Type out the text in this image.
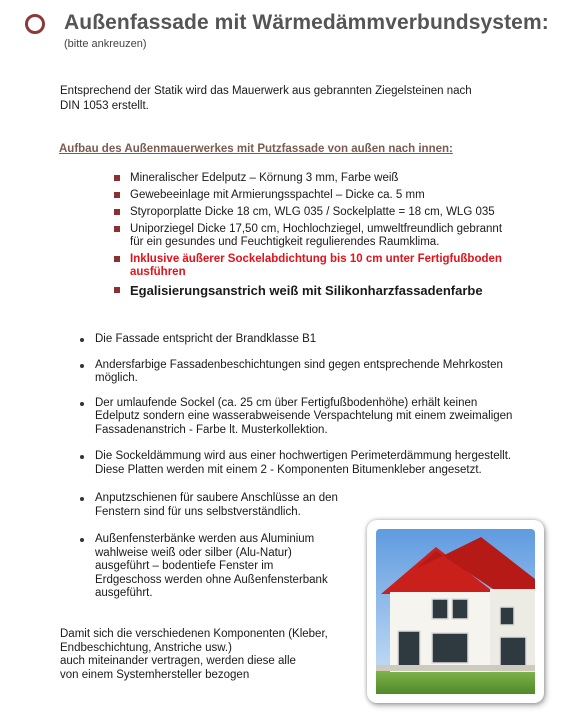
Außenfassade mit Wärmedämmverbundsystem:
(bitte ankreuzen)
Entsprechend der Statik wird das Mauerwerk aus gebrannten Ziegelsteinen nach
DIN 1053 erstellt.
Aufbau des Außenmauerwerkes mit Putzfassade von außen nach innen:
Mineralischer Edelputz – Körnung 3 mm, Farbe weiß
Gewebeeinlage mit Armierungsspachtel – Dicke ca. 5 mm
Styroporplatte Dicke 18 cm, WLG 035 / Sockelplatte = 18 cm, WLG 035
Uniporziegel Dicke 17,50 cm, Hochlochziegel, umweltfreundlich gebrannt
für ein gesundes und Feuchtigkeit regulierendes Raumklima.
Inklusive äußerer Sockelabdichtung bis 10 cm unter Fertigfußboden
ausführen
Egalisierungsanstrich weiß mit Silikonharzfassadenfarbe
Die Fassade entspricht der Brandklasse B1
Andersfarbige Fassadenbeschichtungen sind gegen entsprechende Mehrkosten
möglich.
Der umlaufende Sockel (ca. 25 cm über Fertigfußbodenhöhe) erhält keinen
Edelputz sondern eine wasserabweisende Verspachtelung mit einem zweimaligen
Fassadenanstrich - Farbe lt. Musterkollektion.
Die Sockeldämmung wird aus einer hochwertigen Perimeterdämmung hergestellt.
Diese Platten werden mit einem 2 - Komponenten Bitumenkleber angesetzt.
Anputzschienen für saubere Anschlüsse an den
Fenstern sind für uns selbstverständlich.
Außenfensterbänke werden aus Aluminium
wahlweise weiß oder silber (Alu-Natur)
ausgeführt – bodentiefe Fenster im
Erdgeschoss werden ohne Außenfensterbank
ausgeführt.
Damit sich die verschiedenen Komponenten (Kleber,
Endbeschichtung, Anstriche usw.)
auch miteinander vertragen, werden diese alle
von einem Systemhersteller bezogen
